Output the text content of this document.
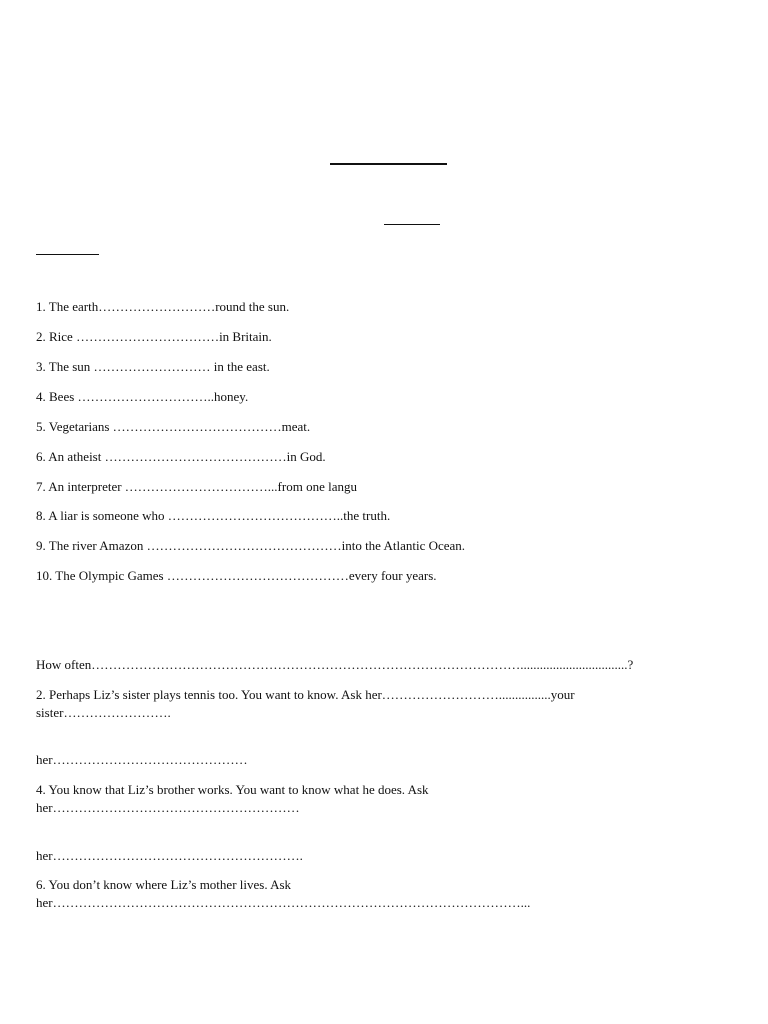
1. The earth………………………round the sun.
2. Rice ……………………………in Britain.
3. The sun ……………………… in the east.
4. Bees …………………………..honey.
5. Vegetarians …………………………………meat.
6. An atheist ……………………………………in God.
7. An interpreter ……………………………...from one langu
8. A liar is someone who …………………………………..the truth.
9. The river Amazon ………………………………………into the Atlantic Ocean.
10. The Olympic Games ……………………………………every four years.
How often……………………………………………………………………………………….................................?
2. Perhaps Liz’s sister plays tennis too. You want to know. Ask her………………………................your
sister…………………….
her………………………………………
4. You know that Liz’s brother works. You want to know what he does. Ask
her…………………………………………………
her………………………………………………….
6. You don’t know where Liz’s mother lives. Ask
her………………………………………………………………………………………………...
